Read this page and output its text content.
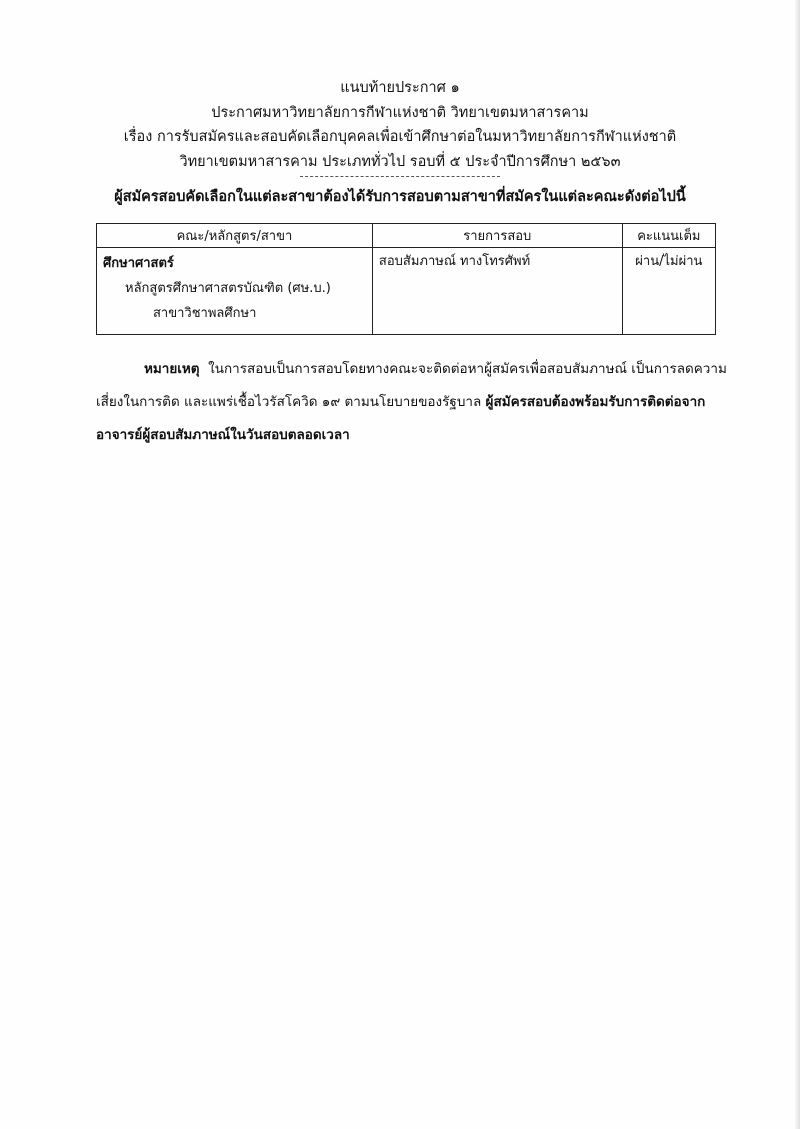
แนบท้ายประกาศ ๑
ประกาศมหาวิทยาลัยการกีฬาแห่งชาติ วิทยาเขตมหาสารคาม
เรื่อง การรับสมัครและสอบคัดเลือกบุคคลเพื่อเข้าศึกษาต่อในมหาวิทยาลัยการกีฬาแห่งชาติ
วิทยาเขตมหาสารคาม ประเภททั่วไป รอบที่ ๕ ประจำปีการศึกษา ๒๕๖๓
ผู้สมัครสอบคัดเลือกในแต่ละสาขาต้องได้รับการสอบตามสาขาที่สมัครในแต่ละคณะดังต่อไปนี้
คณะ/หลักสูตร/สาขา	รายการสอบ	คะแนนเต็ม

ศึกษาศาสตร์
หลักสูตรศึกษาศาสตรบัณฑิต (ศษ.บ.)
สาขาวิชาพลศึกษา	สอบสัมภาษณ์ ทางโทรศัพท์	ผ่าน/ไม่ผ่าน
หมายเหตุ ในการสอบเป็นการสอบโดยทางคณะจะติดต่อหาผู้สมัครเพื่อสอบสัมภาษณ์ เป็นการลดความ
เสี่ยงในการติด และแพร่เชื้อไวรัสโควิด ๑๙ ตามนโยบายของรัฐบาล ผู้สมัครสอบต้องพร้อมรับการติดต่อจาก
อาจารย์ผู้สอบสัมภาษณ์ในวันสอบตลอดเวลา
